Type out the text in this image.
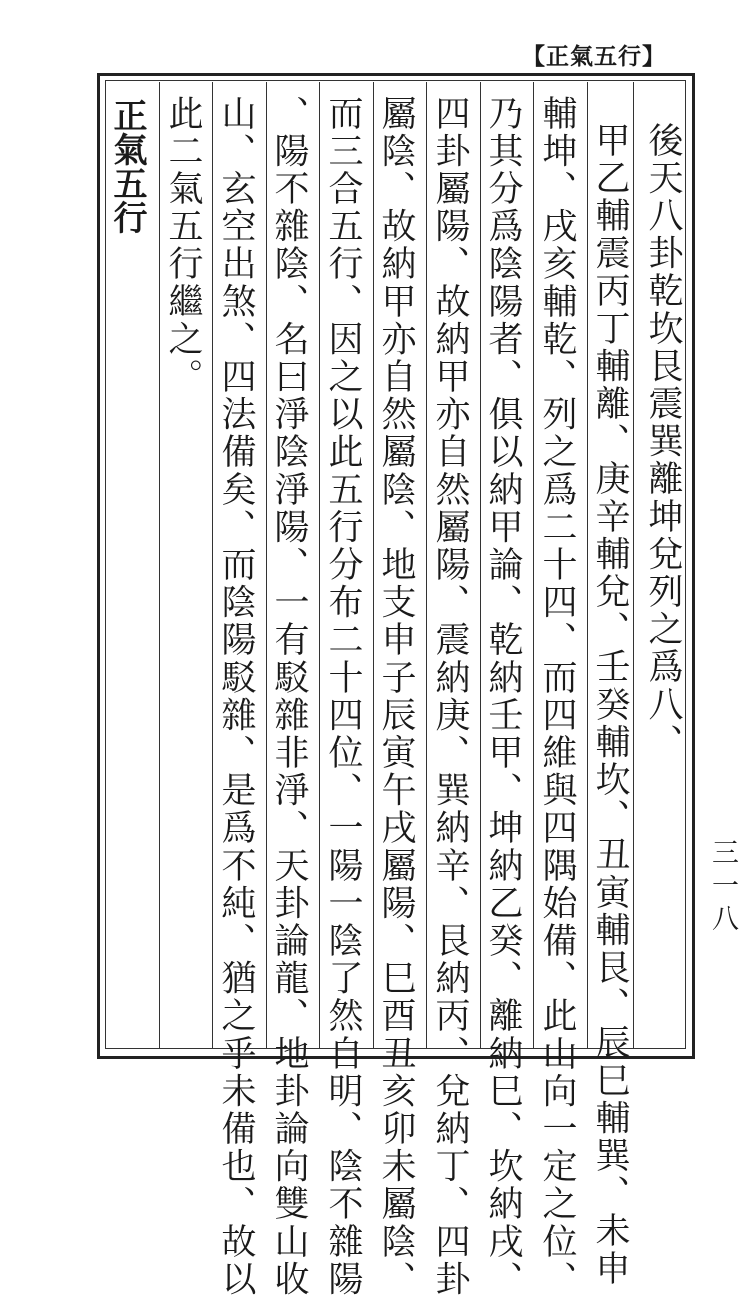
【正氣五行】
正氣五行	後天八卦乾坎艮震巽離坤兌列之爲八、
甲乙輔震丙丁輔離、庚辛輔兌、壬癸輔坎、丑寅輔艮、辰巳輔巽、未申
輔坤、戌亥輔乾、列之爲二十四、而四維與四隅始備、此山向一定之位、
乃其分爲陰陽者、俱以納甲論、乾納壬甲、坤納乙癸、離納巳、坎納戌、
四卦屬陽、故納甲亦自然屬陽、震納庚、巽納辛、艮納丙、兌納丁、四卦
屬陰、故納甲亦自然屬陰、地支申子辰寅午戌屬陽、巳酉丑亥卯未屬陰、
而三合五行、因之以此五行分布二十四位、一陽一陰了然自明、陰不雜陽
、陽不雜陰、名曰淨陰淨陽、一有駁雜非淨、天卦論龍、地卦論向雙山收
山、玄空出煞、四法備矣、而陰陽駁雜、是爲不純、猶之乎未備也、故以
此二氣五行繼之。
三一八
